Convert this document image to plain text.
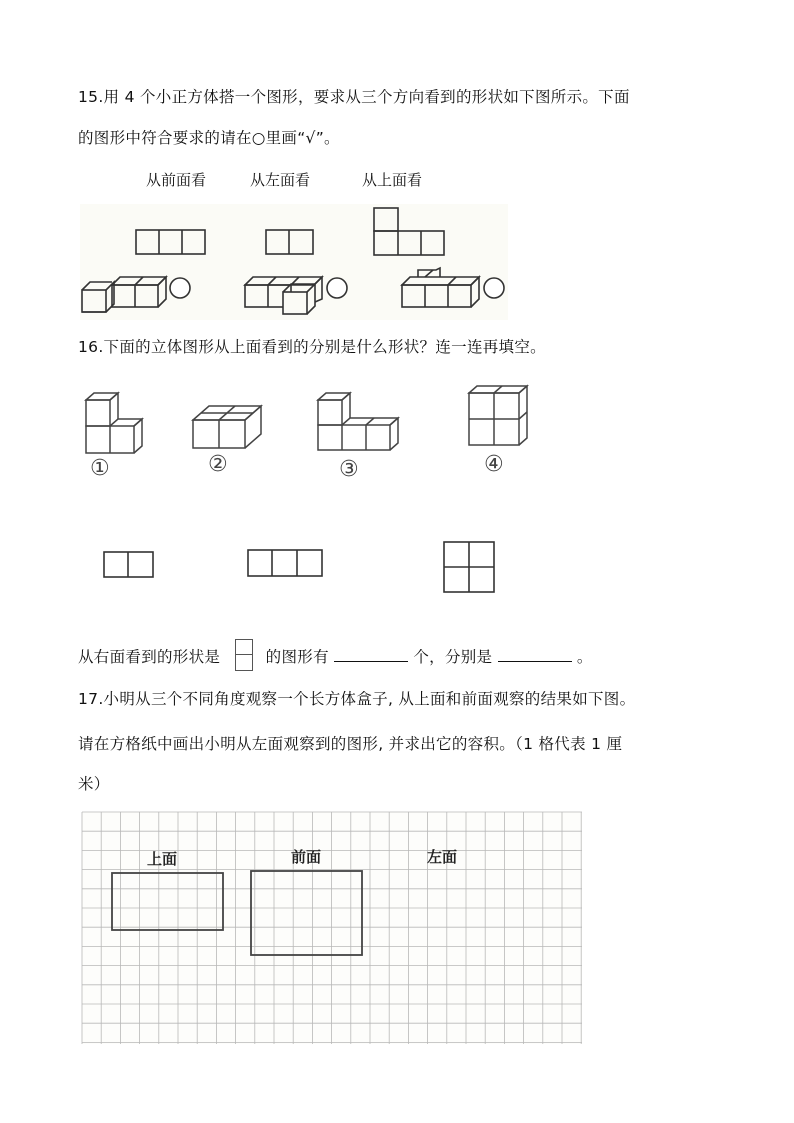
15.用 4 个小正方体搭一个图形，要求从三个方向看到的形状如下图所示。下面
的图形中符合要求的请在○里画“√”。
从前面看	从左面看	从上面看
16.下面的立体图形从上面看到的分别是什么形状？连一连再填空。
①	②	③	④
从右面看到的形状是	的图形有	个，分别是	。
17.小明从三个不同角度观察一个长方体盒子, 从上面和前面观察的结果如下图。
请在方格纸中画出小明从左面观察到的图形, 并求出它的容积。（1 格代表 1 厘
米）
上面	前面	左面
